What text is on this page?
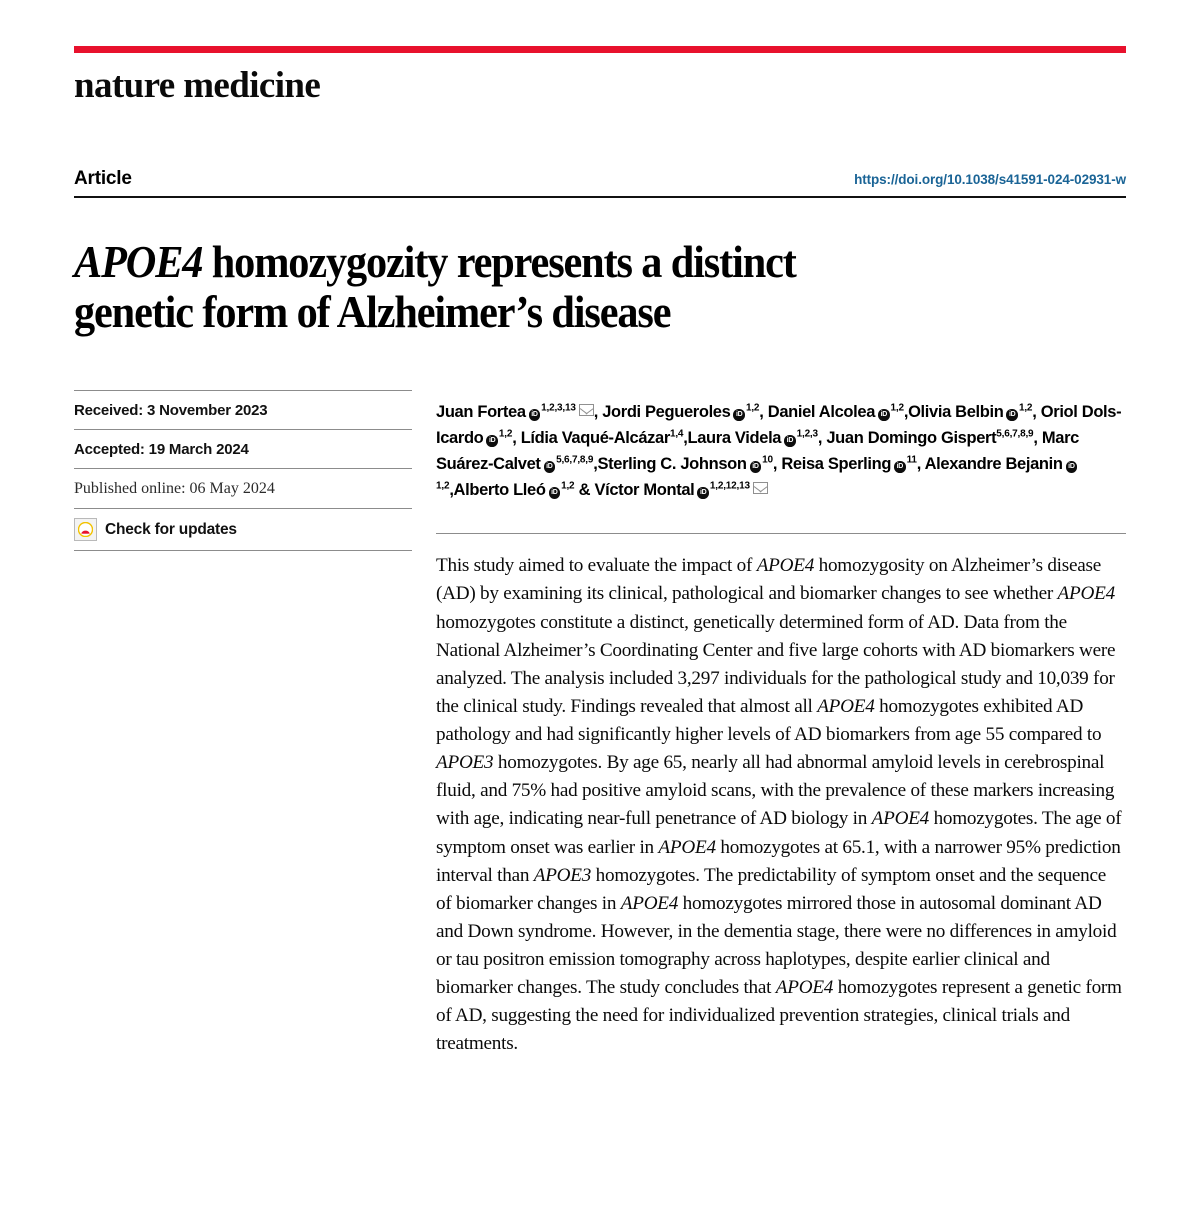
nature medicine
Article	https://doi.org/10.1038/s41591-024-02931-w
APOE4 homozygozity represents a distinct
genetic form of Alzheimer’s disease
Received: 3 November 2023
Accepted: 19 March 2024
Published online: 06 May 2024
Check for updates
Juan Fortea iD$^{1,2,3,13}$ , Jordi Pegueroles iD$^{1,2}$, Daniel Alcolea iD$^{1,2}$,Olivia Belbin iD$^{1,2}$, Oriol Dols-Icardo iD$^{1,2}$, Lídia Vaqué-Alcázar$^{1,4}$,Laura Videla iD$^{1,2,3}$, Juan Domingo Gispert$^{5,6,7,8,9}$, Marc Suárez-Calvet iD$^{5,6,7,8,9}$,Sterling C. Johnson $iD^{10}$, Reisa Sperling $iD^{11}$, Alexandre Bejanin iD$^{1,2}$,Alberto Lleó iD$^{1,2}$ & Víctor Montal iD$^{1,2,12,13}$
This study aimed to evaluate the impact of APOE4 homozygosity on Alzheimer’s disease (AD) by examining its clinical, pathological and biomarker changes to see whether APOE4 homozygotes constitute a distinct, genetically determined form of AD. Data from the National Alzheimer’s Coordinating Center and five large cohorts with AD biomarkers were analyzed. The analysis included 3,297 individuals for the pathological study and 10,039 for the clinical study. Findings revealed that almost all APOE4 homozygotes exhibited AD pathology and had significantly higher levels of AD biomarkers from age 55 compared to APOE3 homozygotes. By age 65, nearly all had abnormal amyloid levels in cerebrospinal fluid, and 75% had positive amyloid scans, with the prevalence of these markers increasing with age, indicating near-full penetrance of AD biology in APOE4 homozygotes. The age of symptom onset was earlier in APOE4 homozygotes at 65.1, with a narrower 95% prediction interval than APOE3 homozygotes. The predictability of symptom onset and the sequence of biomarker changes in APOE4 homozygotes mirrored those in autosomal dominant AD and Down syndrome. However, in the dementia stage, there were no differences in amyloid or tau positron emission tomography across haplotypes, despite earlier clinical and biomarker changes. The study concludes that APOE4 homozygotes represent a genetic form of AD, suggesting the need for individualized prevention strategies, clinical trials and treatments.
